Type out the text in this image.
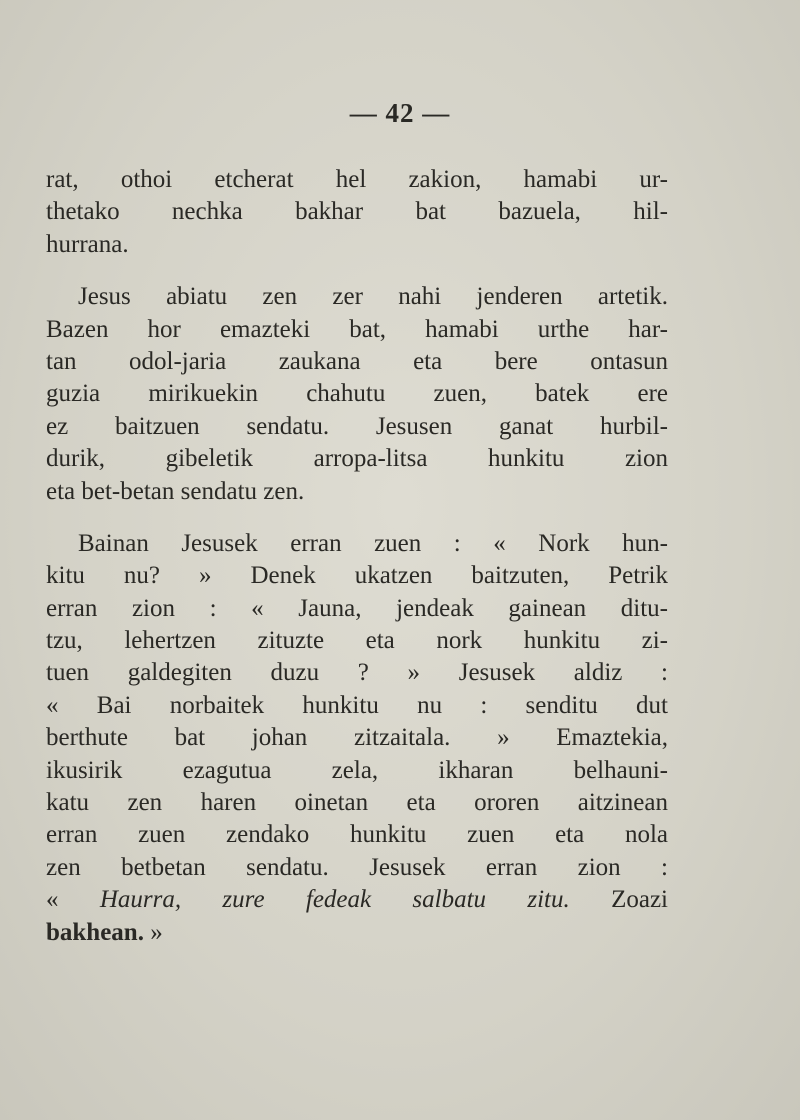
— 42 —
rat, othoi etcherat hel zakion, hamabi ur-
thetako nechka bakhar bat bazuela, hil-
hurrana.
Jesus abiatu zen zer nahi jenderen artetik.
Bazen hor emazteki bat, hamabi urthe har-
tan odol-jaria zaukana eta bere ontasun
guzia mirikuekin chahutu zuen, batek ere
ez baitzuen sendatu. Jesusen ganat hurbil-
durik, gibeletik arropa-litsa hunkitu zion
eta bet-betan sendatu zen.
Bainan Jesusek erran zuen : « Nork hun-
kitu nu? » Denek ukatzen baitzuten, Petrik
erran zion : « Jauna, jendeak gainean ditu-
tzu, lehertzen zituzte eta nork hunkitu zi-
tuen galdegiten duzu ? » Jesusek aldiz :
« Bai norbaitek hunkitu nu : senditu dut
berthute bat johan zitzaitala. » Emaztekia,
ikusirik ezagutua zela, ikharan belhauni-
katu zen haren oinetan eta ororen aitzinean
erran zuen zendako hunkitu zuen eta nola
zen betbetan sendatu. Jesusek erran zion :
« Haurra, zure fedeak salbatu zitu. Zoazi
bakhean. »
